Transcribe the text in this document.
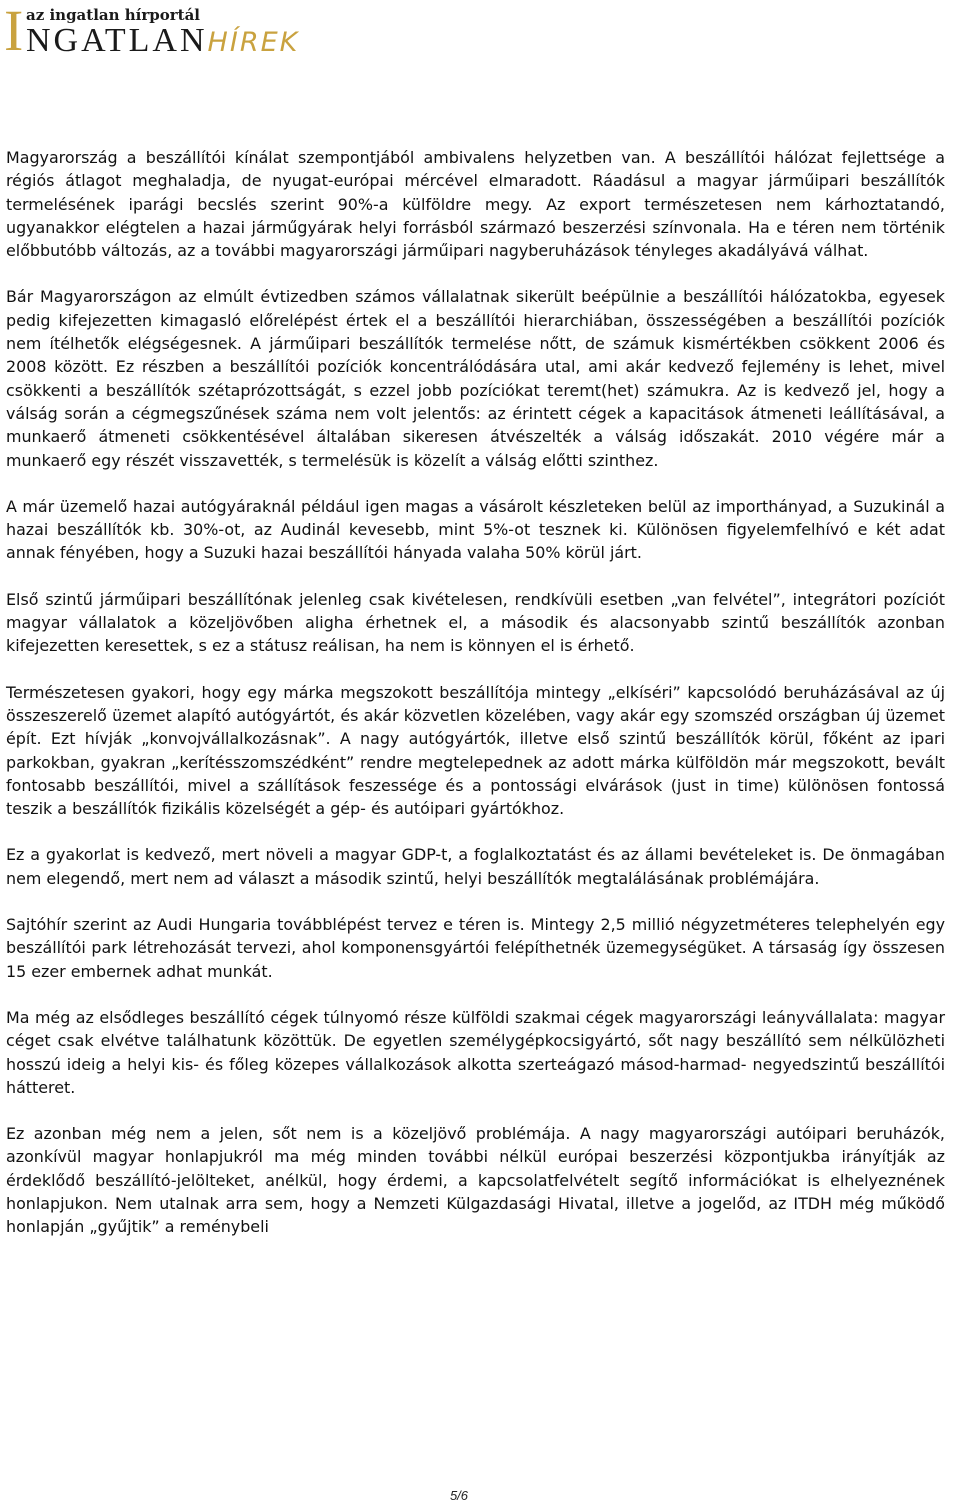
I az ingatlan hírportál
NGATLANHÍREK

Magyarország a beszállítói kínálat szempontjából ambivalens helyzetben van. A beszállítói hálózat fejlettsége a régiós átlagot meghaladja, de nyugat-európai mércével elmaradott. Ráadásul a magyar járműipari beszállítók termelésének iparági becslés szerint 90%-a külföldre megy. Az export természetesen nem kárhoztatandó, ugyanakkor elégtelen a hazai járműgyárak helyi forrásból származó beszerzési színvonala. Ha e téren nem történik előbbutóbb változás, az a további magyarországi járműipari nagyberuházások tényleges akadályává válhat.

Bár Magyarországon az elmúlt évtizedben számos vállalatnak sikerült beépülnie a beszállítói hálózatokba, egyesek pedig kifejezetten kimagasló előrelépést értek el a beszállítói hierarchiában, összességében a beszállítói pozíciók nem ítélhetők elégségesnek. A járműipari beszállítók termelése nőtt, de számuk kismértékben csökkent 2006 és 2008 között. Ez részben a beszállítói pozíciók koncentrálódására utal, ami akár kedvező fejlemény is lehet, mivel csökkenti a beszállítók szétaprózottságát, s ezzel jobb pozíciókat teremt(het) számukra. Az is kedvező jel, hogy a válság során a cégmegszűnések száma nem volt jelentős: az érintett cégek a kapacitások átmeneti leállításával, a munkaerő átmeneti csökkentésével általában sikeresen átvészelték a válság időszakát. 2010 végére már a munkaerő egy részét visszavették, s termelésük is közelít a válság előtti szinthez.

A már üzemelő hazai autógyáraknál például igen magas a vásárolt készleteken belül az importhányad, a Suzukinál a hazai beszállítók kb. 30%-ot, az Audinál kevesebb, mint 5%-ot tesznek ki. Különösen figyelemfelhívó e két adat annak fényében, hogy a Suzuki hazai beszállítói hányada valaha 50% körül járt.

Első szintű járműipari beszállítónak jelenleg csak kivételesen, rendkívüli esetben „van felvétel”, integrátori pozíciót magyar vállalatok a közeljövőben aligha érhetnek el, a második és alacsonyabb szintű beszállítók azonban kifejezetten keresettek, s ez a státusz reálisan, ha nem is könnyen el is érhető.

Természetesen gyakori, hogy egy márka megszokott beszállítója mintegy „elkíséri” kapcsolódó beruházásával az új összeszerelő üzemet alapító autógyártót, és akár közvetlen közelében, vagy akár egy szomszéd országban új üzemet épít. Ezt hívják „konvojvállalkozásnak”. A nagy autógyártók, illetve első szintű beszállítók körül, főként az ipari parkokban, gyakran „kerítésszomszédként” rendre megtelepednek az adott márka külföldön már megszokott, bevált fontosabb beszállítói, mivel a szállítások feszessége és a pontossági elvárások (just in time) különösen fontossá teszik a beszállítók fizikális közelségét a gép- és autóipari gyártókhoz.

Ez a gyakorlat is kedvező, mert növeli a magyar GDP-t, a foglalkoztatást és az állami bevételeket is. De önmagában nem elegendő, mert nem ad választ a második szintű, helyi beszállítók megtalálásának problémájára.

Sajtóhír szerint az Audi Hungaria továbblépést tervez e téren is. Mintegy 2,5 millió négyzetméteres telephelyén egy beszállítói park létrehozását tervezi, ahol komponensgyártói felépíthetnék üzemegységüket. A társaság így összesen 15 ezer embernek adhat munkát.

Ma még az elsődleges beszállító cégek túlnyomó része külföldi szakmai cégek magyarországi leányvállalata: magyar céget csak elvétve találhatunk közöttük. De egyetlen személygépkocsigyártó, sőt nagy beszállító sem nélkülözheti hosszú ideig a helyi kis- és főleg közepes vállalkozások alkotta szerteágazó másod-harmad- negyedszintű beszállítói hátteret.

Ez azonban még nem a jelen, sőt nem is a közeljövő problémája. A nagy magyarországi autóipari beruházók, azonkívül magyar honlapjukról ma még minden további nélkül európai beszerzési központjukba irányítják az érdeklődő beszállító-jelölteket, anélkül, hogy érdemi, a kapcsolatfelvételt segítő információkat is elhelyeznének honlapjukon. Nem utalnak arra sem, hogy a Nemzeti Külgazdasági Hivatal, illetve a jogelőd, az ITDH még működő honlapján „gyűjtik” a reménybeli

5/6
